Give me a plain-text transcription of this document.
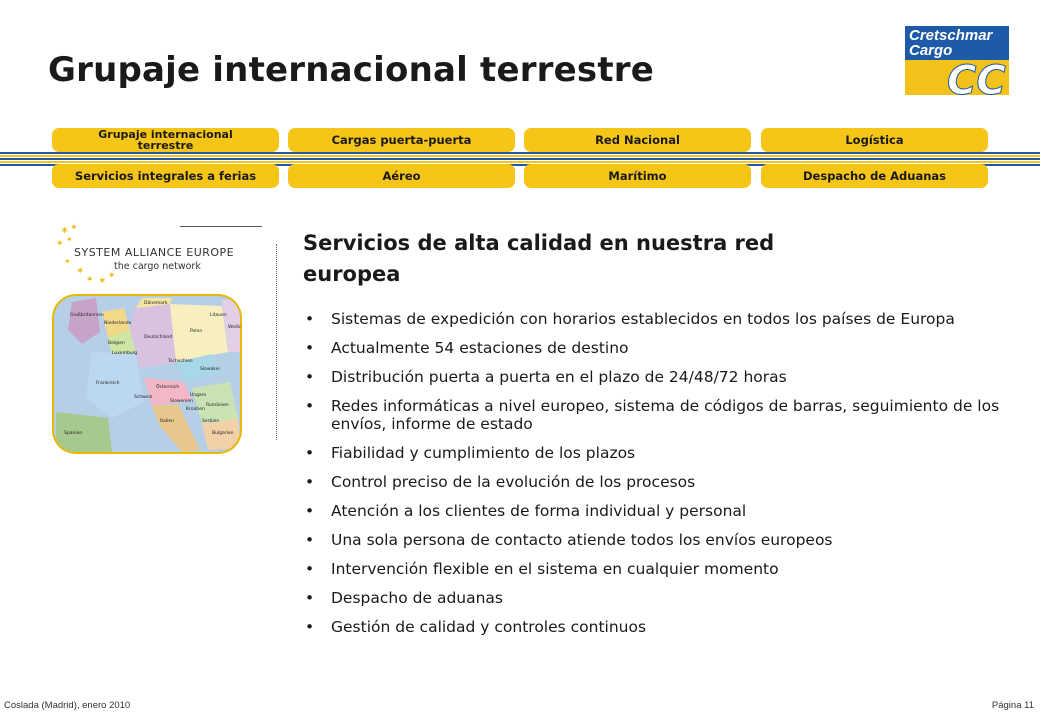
Grupaje internacional terrestre
Cretschmar
Cargo
CC
Grupaje internacional terrestre	Cargas puerta-puerta	Red Nacional	Logística
Servicios integrales a ferias	Aéreo	Marítimo	Despacho de Aduanas
✶ ✶
✶ ✶
✶
✶ ✶
✶
✶
SYSTEM ALLIANCE EUROPE
the cargo network
Großbritannien
Niederlande
Belgien
Luxemburg
Frankreich
Deutschland
Polen
Tschechien
Slowakei
Österreich
Ungarn
Schweiz
Italien
Slowenien
Kroatien
Rumänien
Serbien
Bulgarien
Spanien
Dänemark
Litauen
Weißr.
Servicios de alta calidad en nuestra red europea
• Sistemas de expedición con horarios establecidos en todos los países de Europa
• Actualmente 54 estaciones de destino
• Distribución puerta a puerta en el plazo de 24/48/72 horas
• Redes informáticas a nivel europeo, sistema de códigos de barras, seguimiento de los envíos, informe de estado
• Fiabilidad y cumplimiento de los plazos
• Control preciso de la evolución de los procesos
• Atención a los clientes de forma individual y personal
• Una sola persona de contacto atiende todos los envíos europeos
• Intervención flexible en el sistema en cualquier momento
• Despacho de aduanas
• Gestión de calidad y controles continuos
Coslada (Madrid), enero 2010	Página 11
